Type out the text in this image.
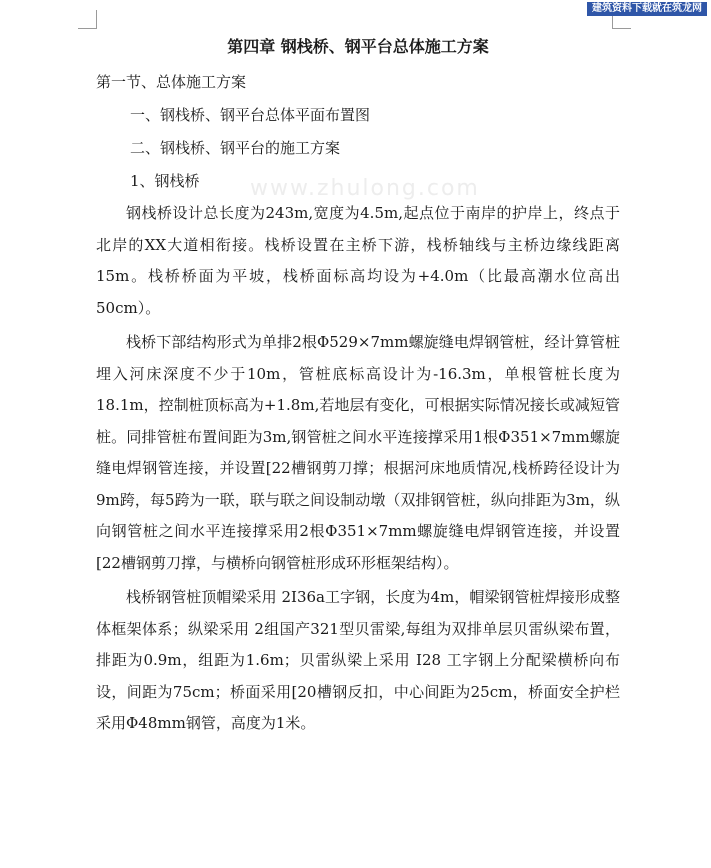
建筑资料下载就在筑龙网
www.zhulong.com
第四章 钢栈桥、钢平台总体施工方案
第一节、总体施工方案
一、钢栈桥、钢平台总体平面布置图
二、钢栈桥、钢平台的施工方案
1、钢栈桥

钢栈桥设计总长度为243m,宽度为4.5m,起点位于南岸的护岸上，终点于北岸的XX大道相衔接。栈桥设置在主桥下游，栈桥轴线与主桥边缘线距离15m。栈桥桥面为平坡，栈桥面标高均设为+4.0m（比最高潮水位高出50cm）。

栈桥下部结构形式为单排2根Φ529×7mm螺旋缝电焊钢管桩，经计算管桩埋入河床深度不少于10m，管桩底标高设计为-16.3m，单根管桩长度为18.1m，控制桩顶标高为+1.8m,若地层有变化，可根据实际情况接长或减短管桩。同排管桩布置间距为3m,钢管桩之间水平连接撑采用1根Φ351×7mm螺旋缝电焊钢管连接，并设置[22槽钢剪刀撑；根据河床地质情况,栈桥跨径设计为9m跨，每5跨为一联，联与联之间设制动墩（双排钢管桩，纵向排距为3m，纵向钢管桩之间水平连接撑采用2根Φ351×7mm螺旋缝电焊钢管连接，并设置[22槽钢剪刀撑，与横桥向钢管桩形成环形框架结构）。

栈桥钢管桩顶帽梁采用 2I36a工字钢，长度为4m，帽梁钢管桩焊接形成整体框架体系；纵梁采用 2组国产321型贝雷梁,每组为双排单层贝雷纵梁布置，排距为0.9m，组距为1.6m；贝雷纵梁上采用 I28 工字钢上分配梁横桥向布设，间距为75cm；桥面采用[20槽钢反扣，中心间距为25cm，桥面安全护栏采用Φ48mm钢管，高度为1米。
